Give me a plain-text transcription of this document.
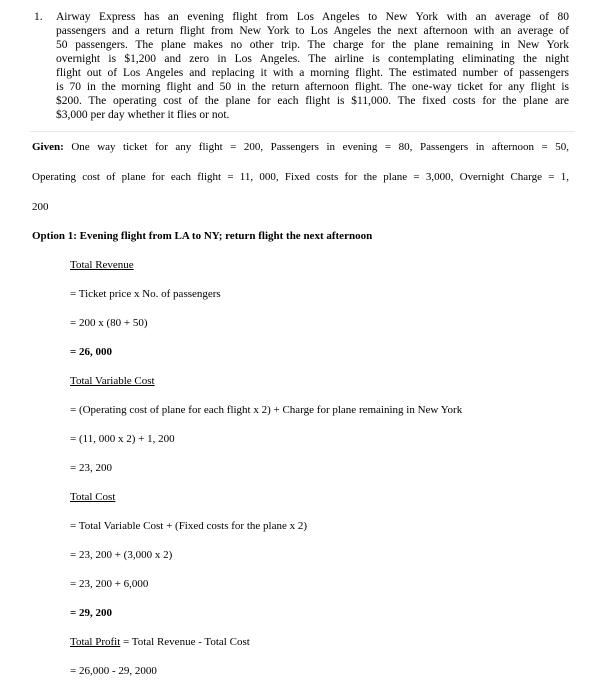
1. Airway Express has an evening flight from Los Angeles to New York with an average of 80
passengers and a return flight from New York to Los Angeles the next afternoon with an average of
50 passengers. The plane makes no other trip. The charge for the plane remaining in New York
overnight is $1,200 and zero in Los Angeles. The airline is contemplating eliminating the night
flight out of Los Angeles and replacing it with a morning flight. The estimated number of passengers
is 70 in the morning flight and 50 in the return afternoon flight. The one-way ticket for any flight is
$200. The operating cost of the plane for each flight is $11,000. The fixed costs for the plane are
$3,000 per day whether it flies or not.
Given: One way ticket for any flight = 200, Passengers in evening = 80, Passengers in afternoon = 50,
Operating cost of plane for each flight = 11, 000, Fixed costs for the plane = 3,000, Overnight Charge = 1,
200
Option 1: Evening flight from LA to NY; return flight the next afternoon
Total Revenue
= Ticket price x No. of passengers
= 200 x (80 + 50)
= 26, 000
Total Variable Cost
= (Operating cost of plane for each flight x 2) + Charge for plane remaining in New York
= (11, 000 x 2) + 1, 200
= 23, 200
Total Cost
= Total Variable Cost + (Fixed costs for the plane x 2)
= 23, 200 + (3,000 x 2)
= 23, 200 + 6,000
= 29, 200
Total Profit = Total Revenue - Total Cost
= 26,000 - 29, 2000
